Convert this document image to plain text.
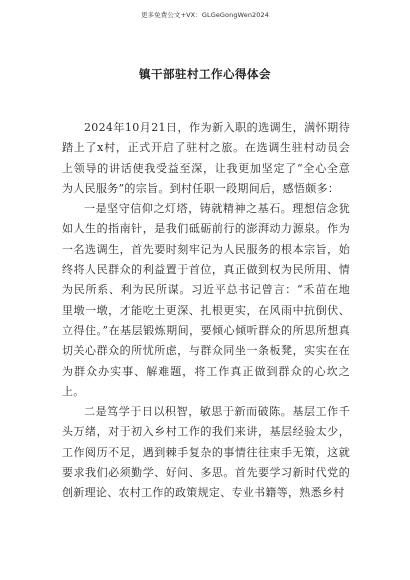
更多免费公文+VX：GLGeGongWen2024
镇干部驻村工作心得体会

2024年10月21日，作为新入职的选调生，满怀期待踏上了x村，正式开启了驻村之旅。在选调生驻村动员会上领导的讲话使我受益至深，让我更加坚定了“全心全意为人民服务”的宗旨。到村任职一段期间后，感悟颇多：

一是坚守信仰之灯塔，铸就精神之基石。理想信念犹如人生的指南针，是我们砥砺前行的澎湃动力源泉。作为一名选调生，首先要时刻牢记为人民服务的根本宗旨，始终将人民群众的利益置于首位，真正做到权为民所用、情为民所系、利为民所谋。习近平总书记曾言：“禾苗在地里墩一墩，才能吃土更深、扎根更实，在风雨中抗倒伏、立得住。”在基层锻炼期间，要倾心倾听群众的所思所想真切关心群众的所忧所虑，与群众同坐一条板凳，实实在在为群众办实事、解难题，将工作真正做到群众的心坎之上。

二是笃学于日以积智，敏思于新而破陈。基层工作千头万绪，对于初入乡村工作的我们来讲，基层经验太少，工作阅历不足，遇到棘手复杂的事情往往束手无策，这就要求我们必须勤学、好问、多思。首先要学习新时代党的创新理论、农村工作的政策规定、专业书籍等，熟悉乡村
